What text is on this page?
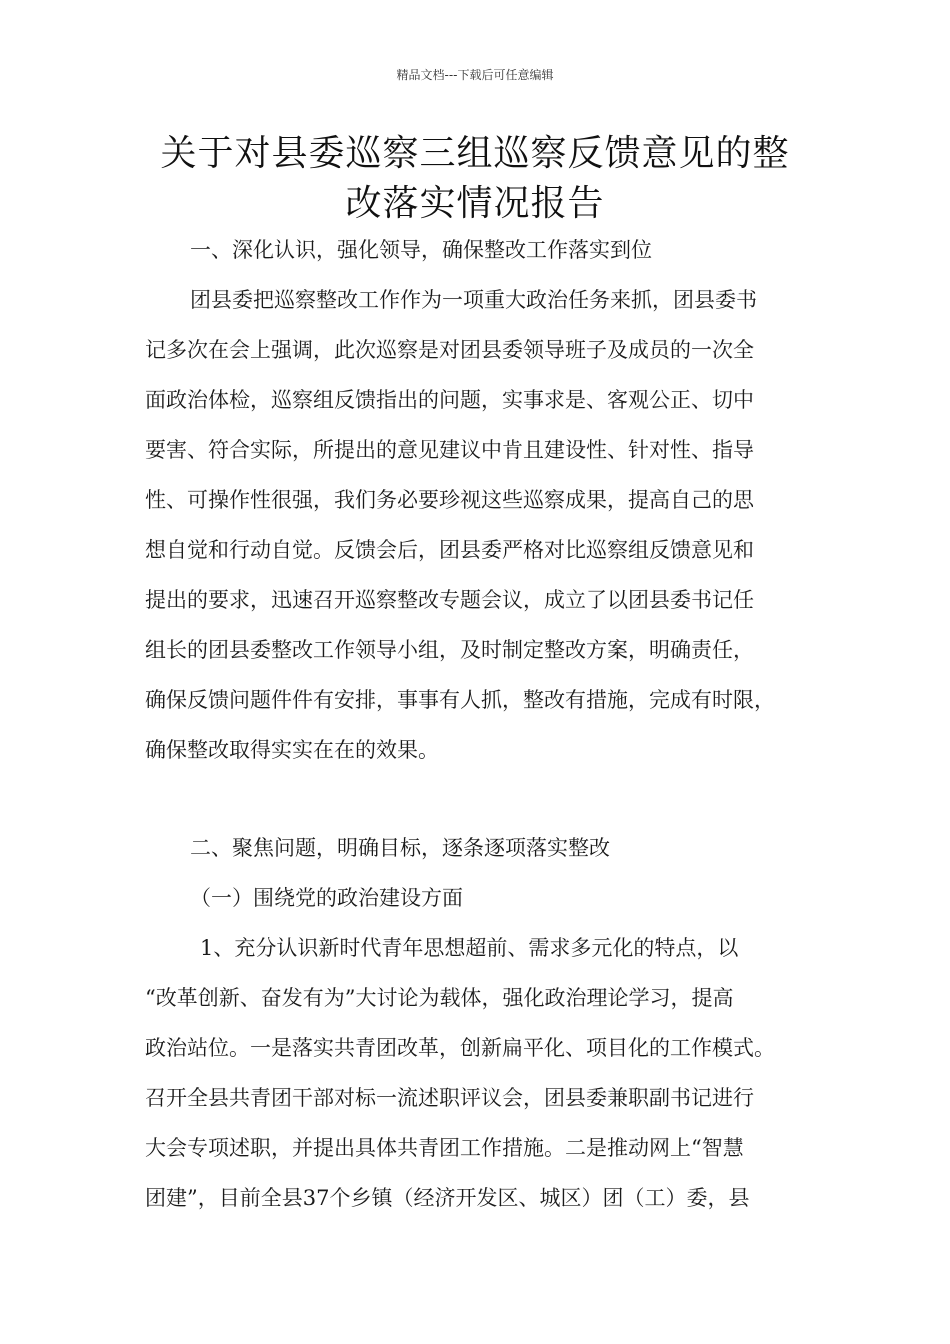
精品文档---下载后可任意编辑
关于对县委巡察三组巡察反馈意见的整
改落实情况报告
一、深化认识，强化领导，确保整改工作落实到位
团县委把巡察整改工作作为一项重大政治任务来抓，团县委书
记多次在会上强调，此次巡察是对团县委领导班子及成员的一次全
面政治体检，巡察组反馈指出的问题，实事求是、客观公正、切中
要害、符合实际，所提出的意见建议中肯且建设性、针对性、指导
性、可操作性很强，我们务必要珍视这些巡察成果，提高自己的思
想自觉和行动自觉。反馈会后，团县委严格对比巡察组反馈意见和
提出的要求，迅速召开巡察整改专题会议，成立了以团县委书记任
组长的团县委整改工作领导小组，及时制定整改方案，明确责任，
确保反馈问题件件有安排，事事有人抓，整改有措施，完成有时限，
确保整改取得实实在在的效果。
二、聚焦问题，明确目标，逐条逐项落实整改
（一）围绕党的政治建设方面
1、充分认识新时代青年思想超前、需求多元化的特点，以
“改革创新、奋发有为”大讨论为载体，强化政治理论学习，提高
政治站位。一是落实共青团改革，创新扁平化、项目化的工作模式。
召开全县共青团干部对标一流述职评议会，团县委兼职副书记进行
大会专项述职，并提出具体共青团工作措施。二是推动网上“智慧
团建”，目前全县37个乡镇（经济开发区、城区）团（工）委，县
